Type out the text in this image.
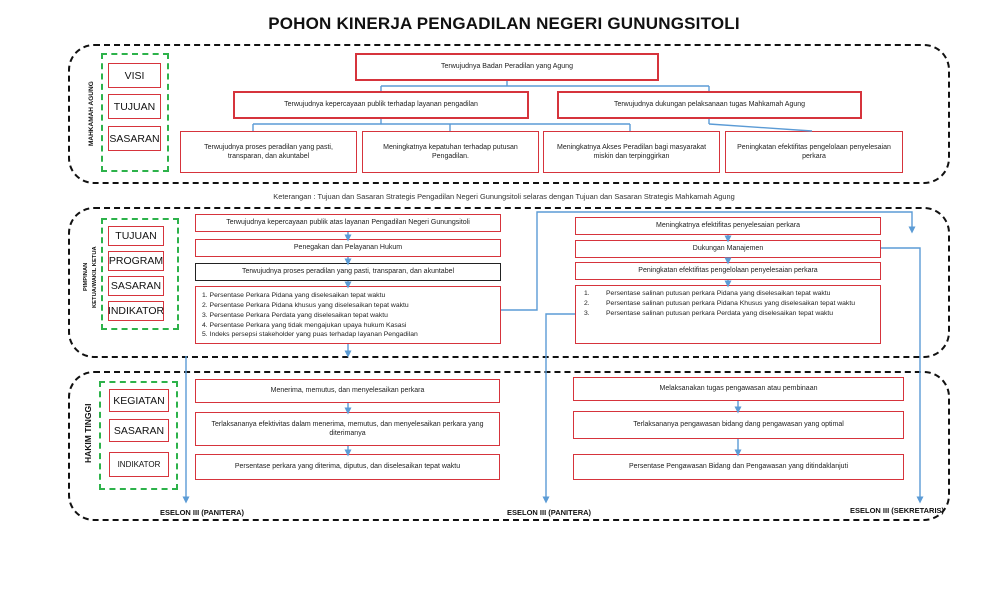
POHON KINERJA PENGADILAN NEGERI GUNUNGSITOLI
MAHKAMAH AGUNG
VISI
TUJUAN
SASARAN
Terwujudnya Badan Peradilan yang Agung
Terwujudnya kepercayaan publik terhadap layanan pengadilan	Terwujudnya dukungan pelaksanaan tugas Mahkamah Agung
Terwujudnya proses peradilan yang pasti, transparan, dan akuntabel
Meningkatnya kepatuhan terhadap putusan Pengadilan.
Meningkatnya Akses Peradilan bagi masyarakat miskin dan terpinggirkan
Peningkatan efektifitas pengelolaan penyelesaian perkara
Keterangan : Tujuan dan Sasaran Strategis Pengadilan Negeri Gunungsitoli selaras dengan Tujuan dan Sasaran Strategis Mahkamah Agung
PIMPINAN KETUA/WAKIL KETUA
TUJUAN
PROGRAM
SASARAN
INDIKATOR
Terwujudnya kepercayaan publik atas layanan Pengadilan Negeri Gunungsitoli
Penegakan dan Pelayanan Hukum
Terwujudnya proses peradilan yang pasti, transparan, dan akuntabel
1. Persentase Perkara Pidana yang diselesaikan tepat waktu
2. Persentase Perkara Pidana khusus yang diselesaikan tepat waktu
3. Persentase Perkara Perdata yang diselesaikan tepat waktu
4. Persentase Perkara yang tidak mengajukan upaya hukum Kasasi
5. Indeks persepsi stakeholder yang puas terhadap layanan Pengadilan
Meningkatnya efektifitas penyelesaian perkara
Dukungan Manajemen
Peningkatan efektifitas pengelolaan penyelesaian perkara
1.	Persentase salinan putusan perkara Pidana yang diselesaikan tepat waktu
2.	Persentase salinan putusan perkara Pidana Khusus yang diselesaikan tepat waktu
3.	Persentase salinan putusan perkara Perdata yang diselesaikan tepat waktu
HAKIM TINGGI
KEGIATAN
SASARAN
INDIKATOR
Menerima, memutus, dan menyelesaikan perkara
Terlaksananya efektivitas dalam menerima, memutus, dan menyelesaikan perkara yang diterimanya
Persentase perkara yang diterima, diputus, dan diselesaikan tepat waktu
Melaksanakan tugas pengawasan atau pembinaan
Terlaksananya pengawasan bidang dang pengawasan yang optimal
Persentase Pengawasan Bidang dan Pengawasan yang ditindaklanjuti
ESELON III (PANITERA)	ESELON III (PANITERA)	ESELON III (SEKRETARIS)
